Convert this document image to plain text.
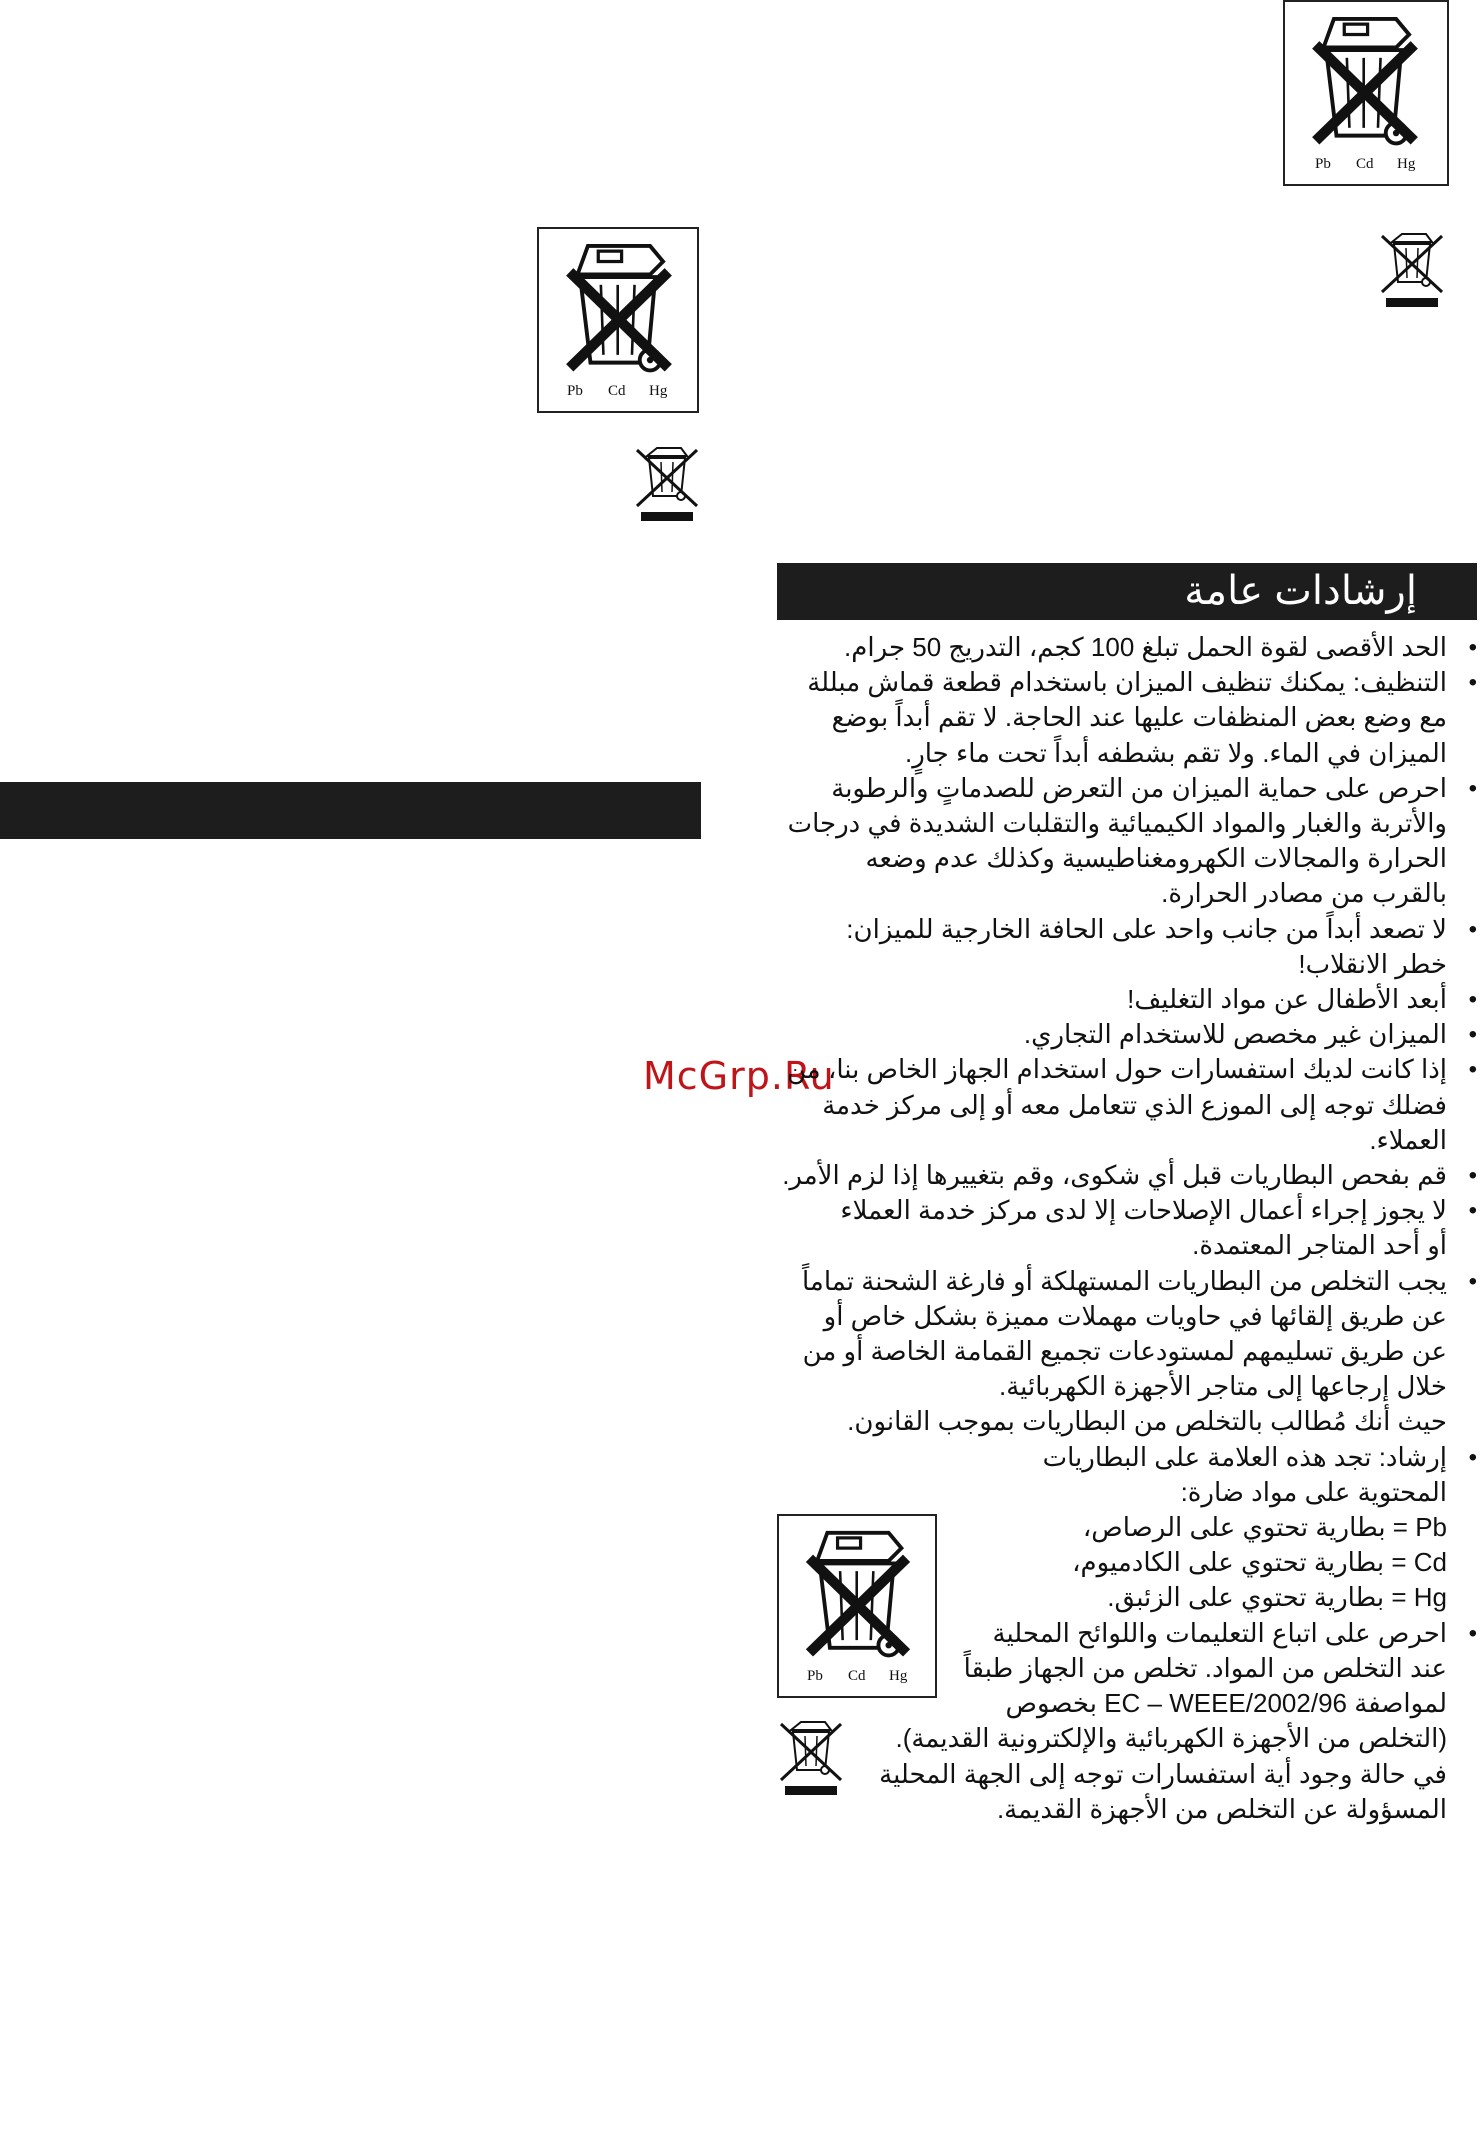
Pb Cd Hg
Pb Cd Hg
إرشادات عامة
McGrp.Ru
• الحد الأقصى لقوة الحمل تبلغ 100 كجم، التدريج 50 جرام.
• التنظيف: يمكنك تنظيف الميزان باستخدام قطعة قماش مبللة
مع وضع بعض المنظفات عليها عند الحاجة. لا تقم أبداً بوضع
الميزان في الماء. ولا تقم بشطفه أبداً تحت ماء جارٍ.
• احرص على حماية الميزان من التعرض للصدماتٍ والرطوبة
والأتربة والغبار والمواد الكيميائية والتقلبات الشديدة في درجات
الحرارة والمجالات الكهرومغناطيسية وكذلك عدم وضعه
بالقرب من مصادر الحرارة.
• لا تصعد أبداً من جانب واحد على الحافة الخارجية للميزان:
خطر الانقلاب!
• أبعد الأطفال عن مواد التغليف!
• الميزان غير مخصص للاستخدام التجاري.
• إذا كانت لديك استفسارات حول استخدام الجهاز الخاص بنا، من
فضلك توجه إلى الموزع الذي تتعامل معه أو إلى مركز خدمة
العملاء.
• قم بفحص البطاريات قبل أي شكوى، وقم بتغييرها إذا لزم الأمر.
• لا يجوز إجراء أعمال الإصلاحات إلا لدى مركز خدمة العملاء
أو أحد المتاجر المعتمدة.
• يجب التخلص من البطاريات المستهلكة أو فارغة الشحنة تماماً
عن طريق إلقائها في حاويات مهملات مميزة بشكل خاص أو
عن طريق تسليمهم لمستودعات تجميع القمامة الخاصة أو من
خلال إرجاعها إلى متاجر الأجهزة الكهربائية.
حيث أنك مُطالب بالتخلص من البطاريات بموجب القانون.
• إرشاد: تجد هذه العلامة على البطاريات
المحتوية على مواد ضارة:
Pb = بطارية تحتوي على الرصاص،
Cd = بطارية تحتوي على الكادميوم،
Hg = بطارية تحتوي على الزئبق.
• احرص على اتباع التعليمات واللوائح المحلية
عند التخلص من المواد. تخلص من الجهاز طبقاً
لمواصفة 2002/96/EC – WEEE بخصوص
(التخلص من الأجهزة الكهربائية والإلكترونية القديمة).
في حالة وجود أية استفسارات توجه إلى الجهة المحلية
المسؤولة عن التخلص من الأجهزة القديمة.
Pb Cd Hg
